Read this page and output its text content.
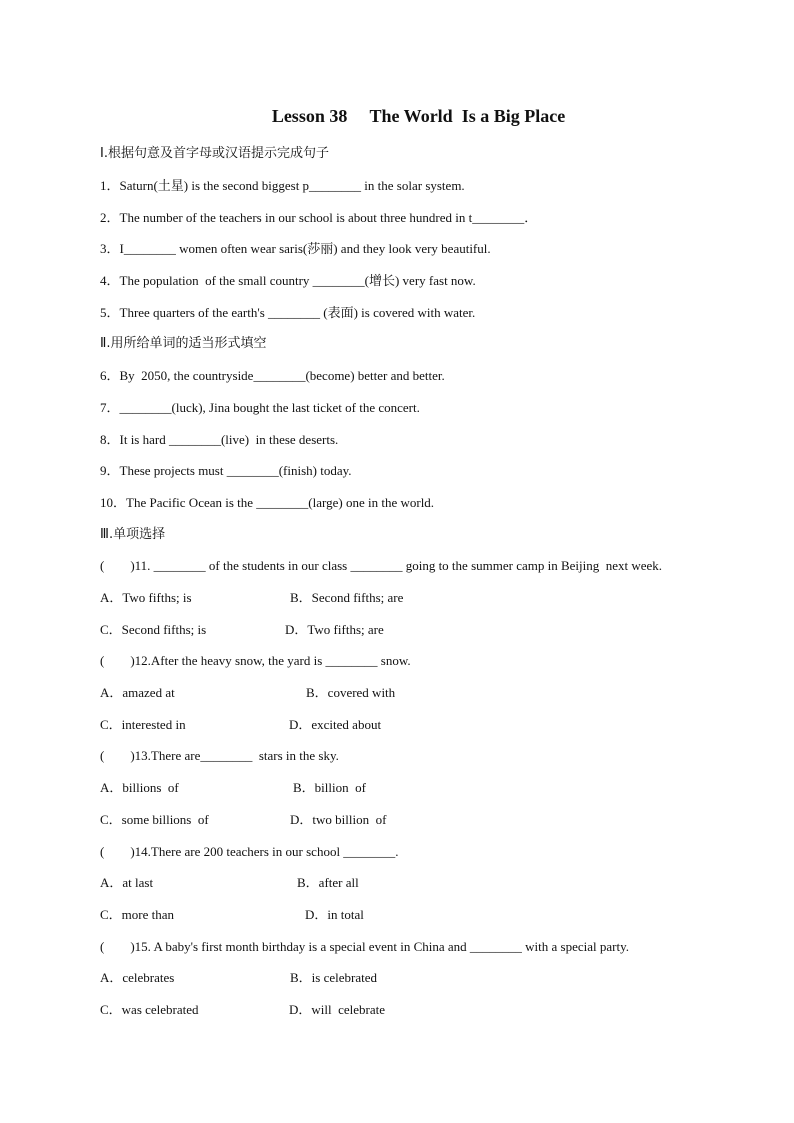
Lesson 38  The World  Is a Big Place
Ⅰ.根据句意及首字母或汉语提示完成句子
1．Saturn(土星) is the second biggest p________ in the solar system.
2．The number of the teachers in our school is about three hundred in t________．
3．I________ women often wear saris(莎丽) and they look very beautiful.
4．The population  of the small country ________(增长) very fast now.
5．Three quarters of the earth's ________ (表面) is covered with water.
Ⅱ.用所给单词的适当形式填空
6．By  2050, the countryside________(become) better and better.
7．________(luck), Jina bought the last ticket of the concert.
8．It is hard ________(live)  in these deserts.
9．These projects must ________(finish) today.
10．The Pacific Ocean is the ________(large) one in the world.
Ⅲ.单项选择
(  )11. ________ of the students in our class ________ going to the summer camp in Beijing  next week.
A．Two fifths; is	B．Second fifths; are
C．Second fifths; is	D．Two fifths; are
(  )12.After the heavy snow, the yard is ________ snow.
A．amazed at	B．covered with
C．interested in	D．excited about
(  )13.There are________  stars in the sky.
A．billions  of	B．billion  of
C．some billions  of	D．two billion  of
(  )14.There are 200 teachers in our school ________.
A．at last	B．after all
C．more than	D．in total
(  )15. A baby's first month birthday is a special event in China and ________ with a special party.
A．celebrates	B．is celebrated
C．was celebrated	D．will  celebrate
